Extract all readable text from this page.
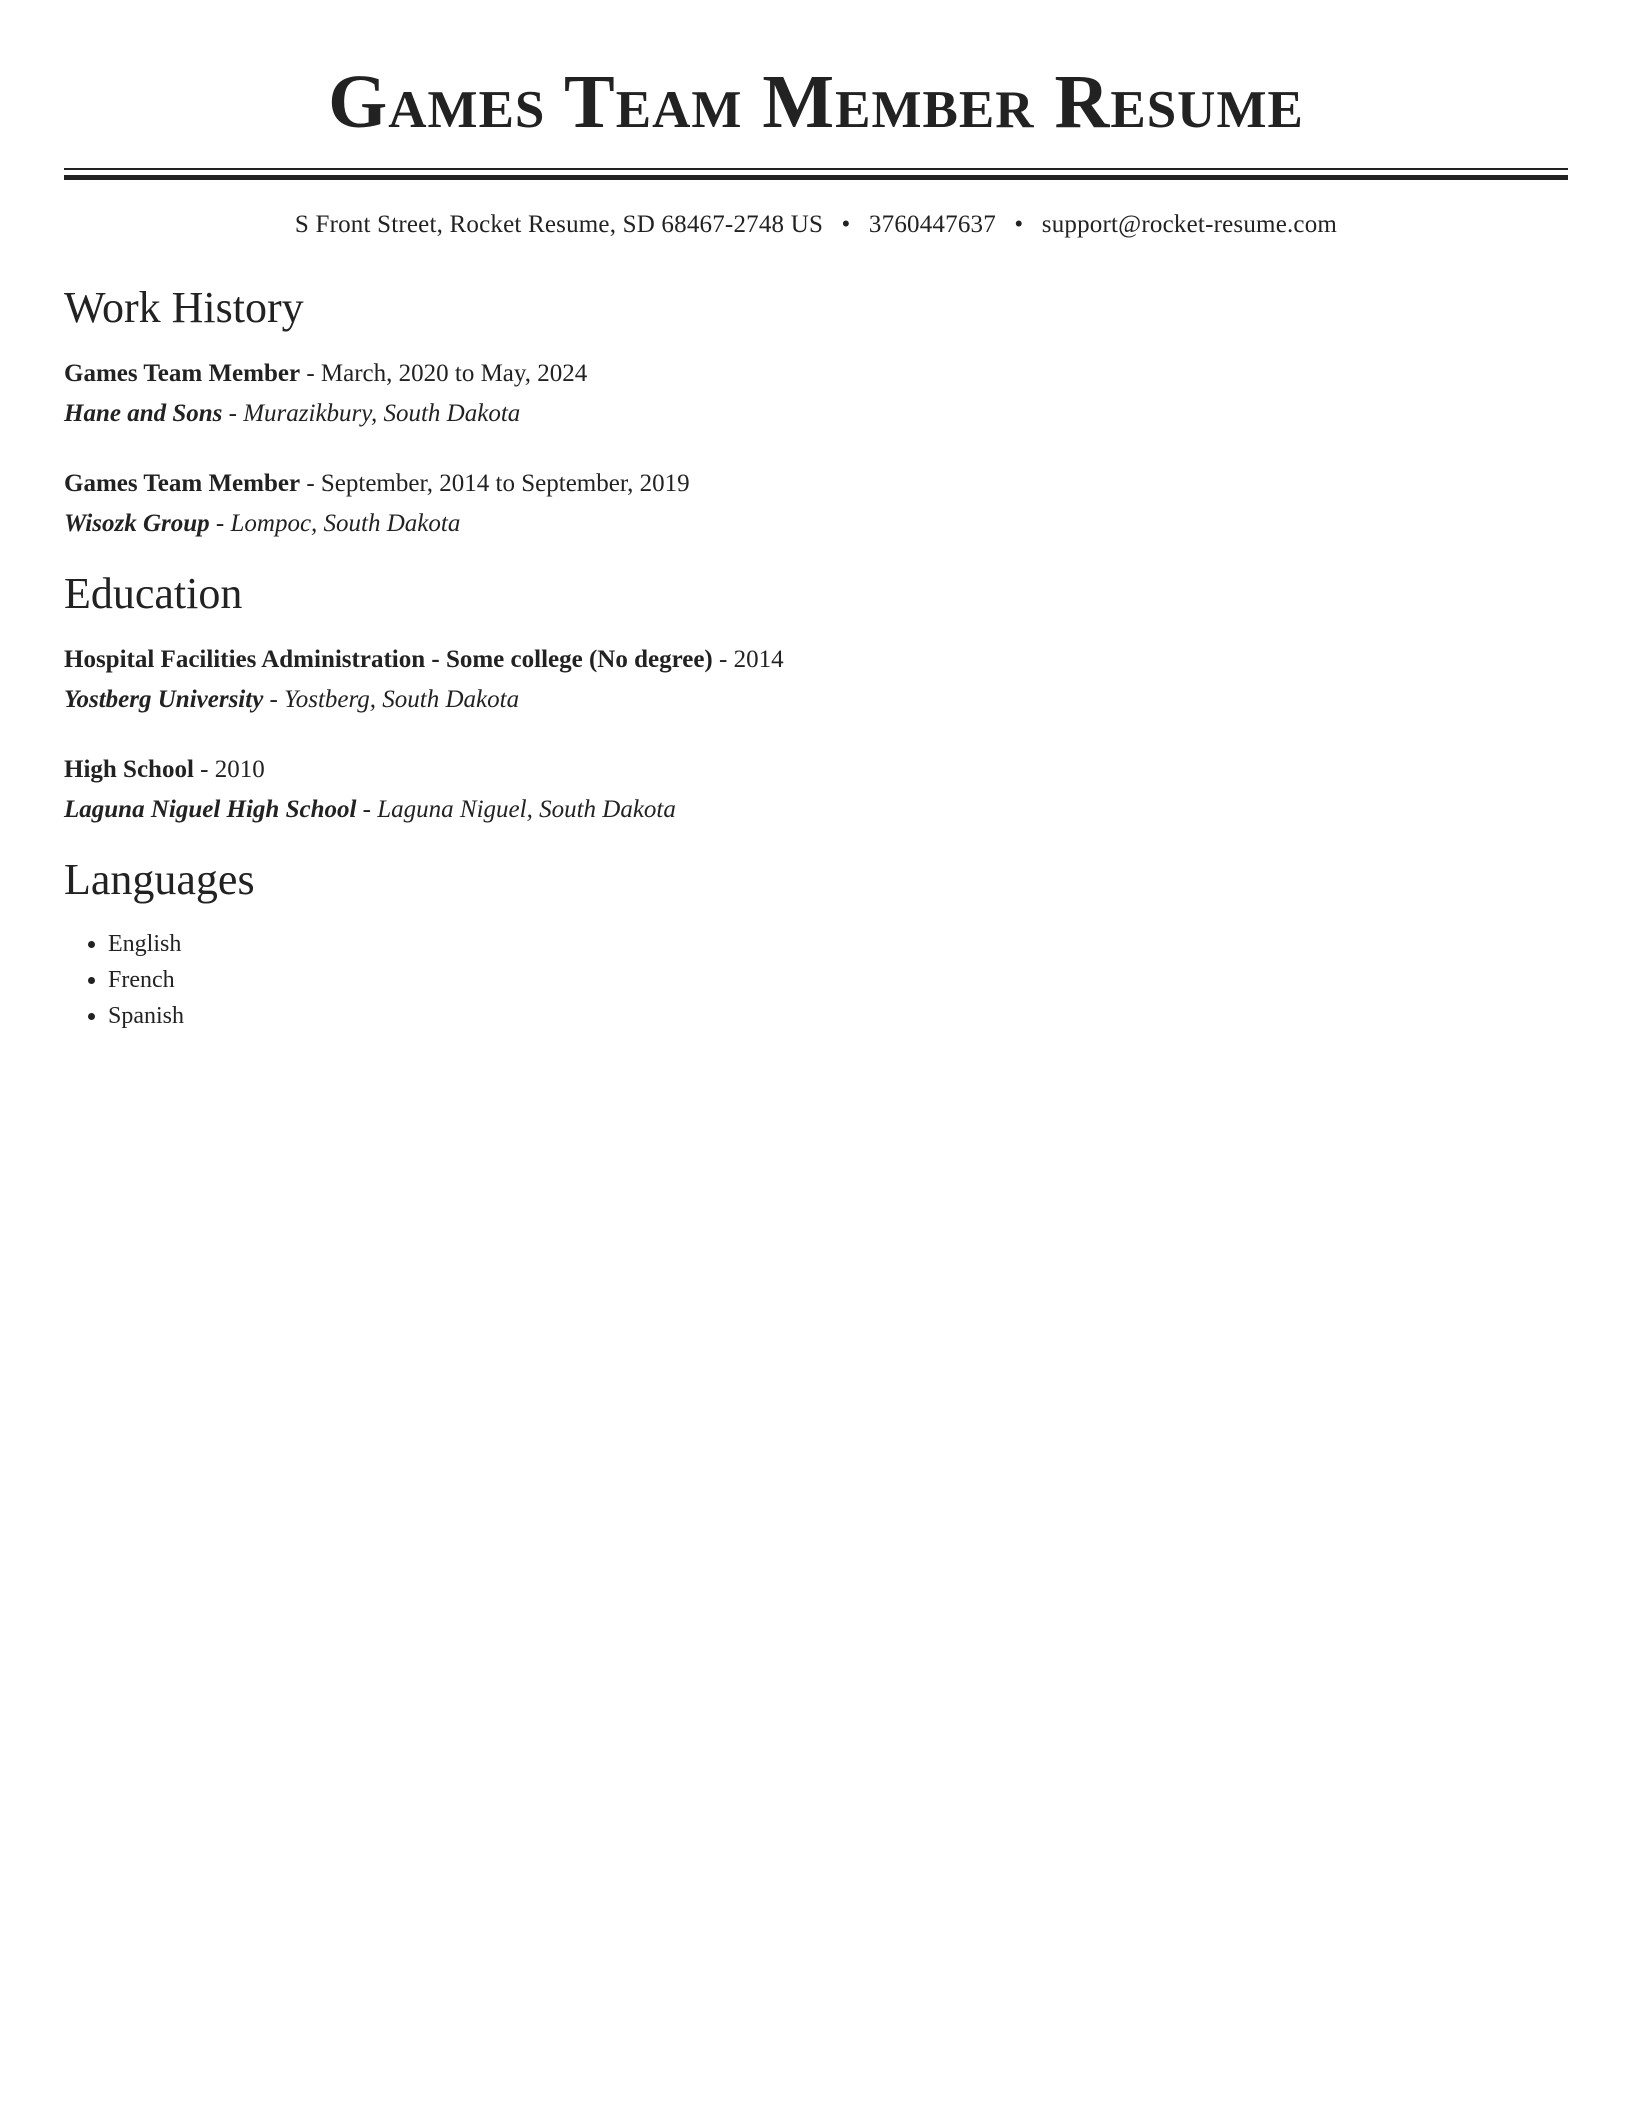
Games Team Member Resume
S Front Street, Rocket Resume, SD 68467-2748 US • 3760447637 • support@rocket-resume.com
Work History
Games Team Member - March, 2020 to May, 2024
Hane and Sons - Murazikbury, South Dakota
Games Team Member - September, 2014 to September, 2019
Wisozk Group - Lompoc, South Dakota
Education
Hospital Facilities Administration - Some college (No degree) - 2014
Yostberg University - Yostberg, South Dakota
High School - 2010
Laguna Niguel High School - Laguna Niguel, South Dakota
Languages
• English
• French
• Spanish
